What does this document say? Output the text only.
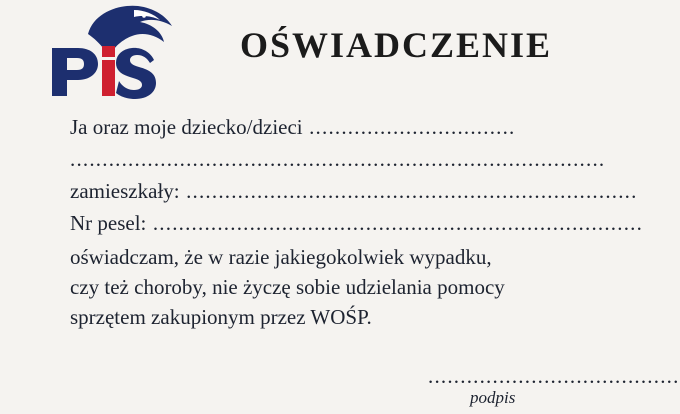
OŚWIADCZENIE
Ja oraz moje dziecko/dzieci ................................
...................................................................................
zamieszkały: ......................................................................
Nr pesel: ............................................................................
oświadczam, że w razie jakiegokolwiek wypadku, czy też choroby, nie życzę sobie udzielania pomocy sprzętem zakupionym przez WOŚP.
.......................................
podpis
